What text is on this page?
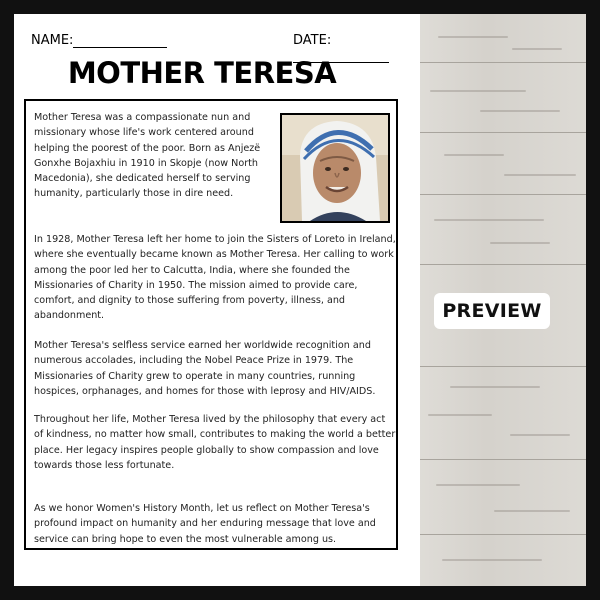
NAME:	DATE:
MOTHER TERESA

Mother Teresa was a compassionate nun and missionary whose life's work centered around helping the poorest of the poor. Born as Anjezë Gonxhe Bojaxhiu in 1910 in Skopje (now North Macedonia), she dedicated herself to serving humanity, particularly those in dire need.

In 1928, Mother Teresa left her home to join the Sisters of Loreto in Ireland, where she eventually became known as Mother Teresa. Her calling to work among the poor led her to Calcutta, India, where she founded the Missionaries of Charity in 1950. The mission aimed to provide care, comfort, and dignity to those suffering from poverty, illness, and abandonment.

Mother Teresa's selfless service earned her worldwide recognition and numerous accolades, including the Nobel Peace Prize in 1979. The Missionaries of Charity grew to operate in many countries, running hospices, orphanages, and homes for those with leprosy and HIV/AIDS.

Throughout her life, Mother Teresa lived by the philosophy that every act of kindness, no matter how small, contributes to making the world a better place. Her legacy inspires people globally to show compassion and love towards those less fortunate.

As we honor Women's History Month, let us reflect on Mother Teresa's profound impact on humanity and her enduring message that love and service can bring hope to even the most vulnerable among us.

PREVIEW
